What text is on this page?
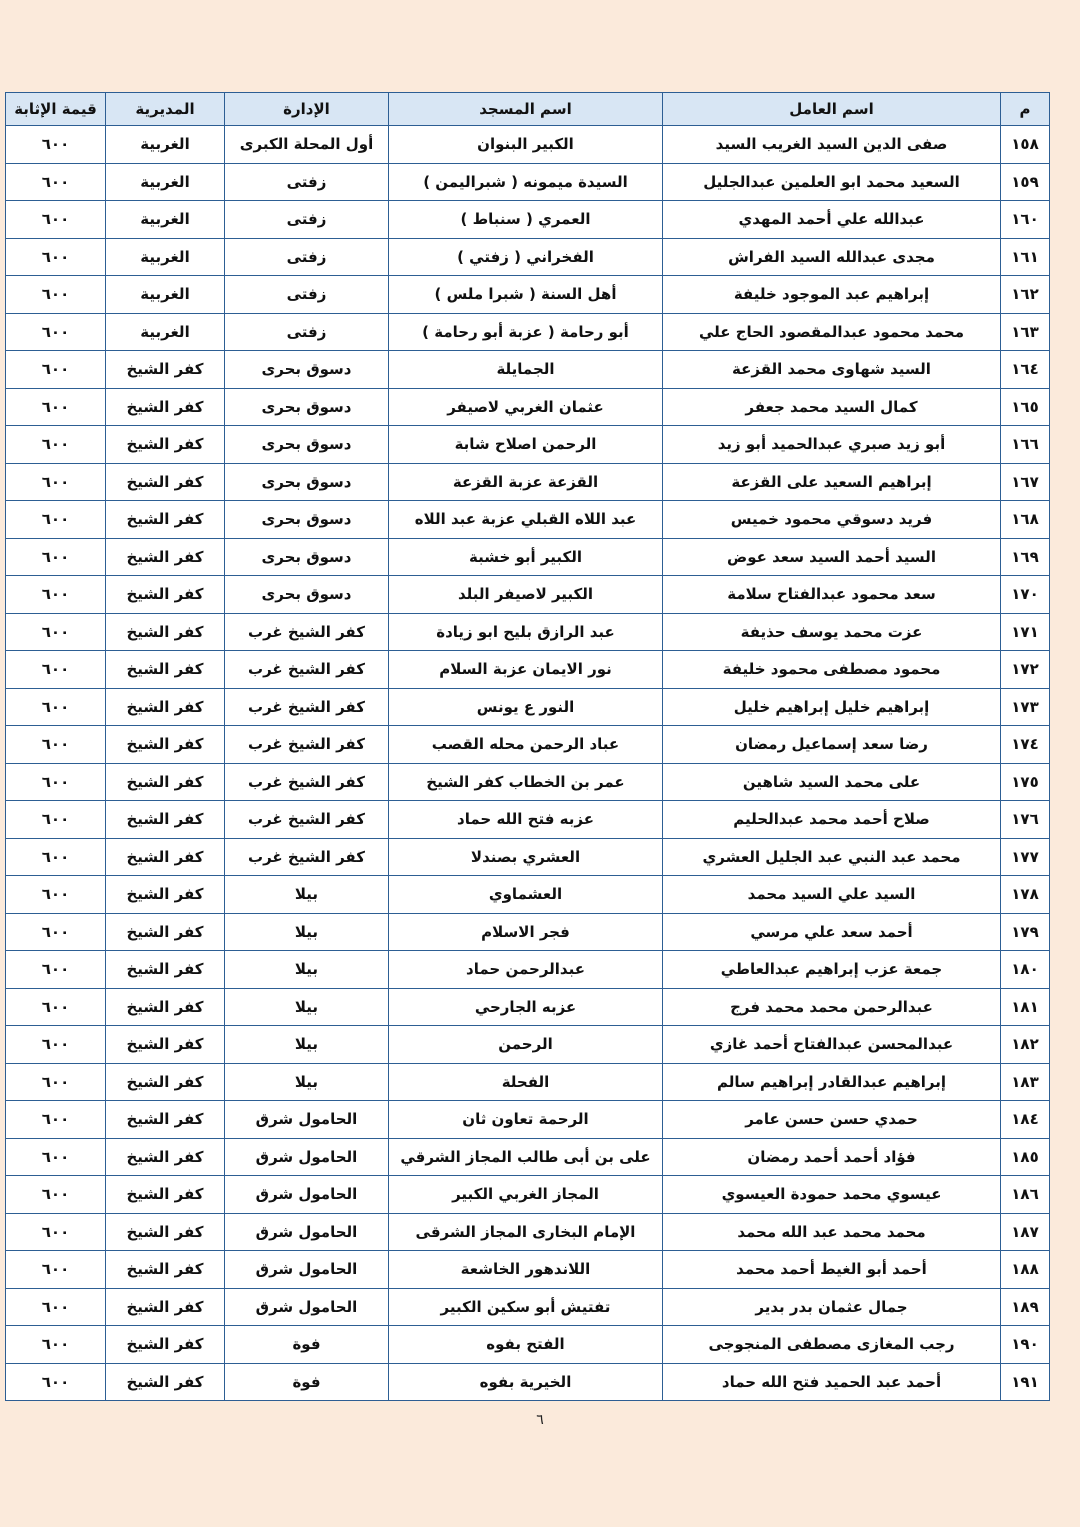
م	اسم العامل	اسم المسجد	الإدارة	المديرية	قيمة الإثابة
١٥٨	صفى الدين السيد الغريب السيد	الكبير البنوان	أول المحلة الكبرى	الغربية	٦٠٠
١٥٩	السعيد محمد ابو العلمين عبدالجليل	السيدة ميمونه ( شبراليمن )	زفتى	الغربية	٦٠٠
١٦٠	عبدالله علي أحمد المهدي	العمري ( سنباط )	زفتى	الغربية	٦٠٠
١٦١	مجدى عبدالله السيد الفراش	الفخراني ( زفتي )	زفتى	الغربية	٦٠٠
١٦٢	إبراهيم عبد الموجود خليفة	أهل السنة ( شبرا ملس )	زفتى	الغربية	٦٠٠
١٦٣	محمد محمود عبدالمقصود الحاج علي	أبو رحامة ( عزبة أبو رحامة )	زفتى	الغربية	٦٠٠
١٦٤	السيد شهاوى محمد القزعة	الجمايلة	دسوق بحرى	كفر الشيخ	٦٠٠
١٦٥	كمال السيد محمد جعفر	عثمان الغربي لاصيفر	دسوق بحرى	كفر الشيخ	٦٠٠
١٦٦	أبو زيد صبري عبدالحميد أبو زيد	الرحمن اصلاح شابة	دسوق بحرى	كفر الشيخ	٦٠٠
١٦٧	إبراهيم السعيد على القزعة	القزعة عزبة القزعة	دسوق بحرى	كفر الشيخ	٦٠٠
١٦٨	فريد دسوقي محمود خميس	عبد اللاه القبلي عزبة عبد اللاه	دسوق بحرى	كفر الشيخ	٦٠٠
١٦٩	السيد أحمد السيد سعد عوض	الكبير أبو خشبة	دسوق بحرى	كفر الشيخ	٦٠٠
١٧٠	سعد محمود عبدالفتاح سلامة	الكبير لاصيفر البلد	دسوق بحرى	كفر الشيخ	٦٠٠
١٧١	عزت محمد يوسف حذيفة	عبد الرازق بليح ابو زيادة	كفر الشيخ غرب	كفر الشيخ	٦٠٠
١٧٢	محمود مصطفى محمود خليفة	نور الايمان عزبة السلام	كفر الشيخ غرب	كفر الشيخ	٦٠٠
١٧٣	إبراهيم خليل إبراهيم خليل	النور ع يونس	كفر الشيخ غرب	كفر الشيخ	٦٠٠
١٧٤	رضا سعد إسماعيل رمضان	عباد الرحمن محله القصب	كفر الشيخ غرب	كفر الشيخ	٦٠٠
١٧٥	على محمد السيد شاهين	عمر بن الخطاب كفر الشيخ	كفر الشيخ غرب	كفر الشيخ	٦٠٠
١٧٦	صلاح أحمد محمد عبدالحليم	عزبه فتح الله حماد	كفر الشيخ غرب	كفر الشيخ	٦٠٠
١٧٧	محمد عبد النبي عبد الجليل العشري	العشري بصندلا	كفر الشيخ غرب	كفر الشيخ	٦٠٠
١٧٨	السيد علي السيد محمد	العشماوي	بيلا	كفر الشيخ	٦٠٠
١٧٩	أحمد سعد علي مرسي	فجر الاسلام	بيلا	كفر الشيخ	٦٠٠
١٨٠	جمعة عزب إبراهيم عبدالعاطي	عبدالرحمن حماد	بيلا	كفر الشيخ	٦٠٠
١٨١	عبدالرحمن محمد محمد فرج	عزبه الجارحي	بيلا	كفر الشيخ	٦٠٠
١٨٢	عبدالمحسن عبدالفتاح أحمد غازي	الرحمن	بيلا	كفر الشيخ	٦٠٠
١٨٣	إبراهيم عبدالقادر إبراهيم سالم	الفحلة	بيلا	كفر الشيخ	٦٠٠
١٨٤	حمدي حسن حسن عامر	الرحمة تعاون ثان	الحامول شرق	كفر الشيخ	٦٠٠
١٨٥	فؤاد أحمد أحمد رمضان	على بن أبى طالب المجاز الشرقي	الحامول شرق	كفر الشيخ	٦٠٠
١٨٦	عيسوي محمد حمودة العيسوي	المجاز الغربي الكبير	الحامول شرق	كفر الشيخ	٦٠٠
١٨٧	محمد محمد عبد الله محمد	الإمام البخارى المجاز الشرقى	الحامول شرق	كفر الشيخ	٦٠٠
١٨٨	أحمد أبو الغيط أحمد محمد	اللاندهور الخاشعة	الحامول شرق	كفر الشيخ	٦٠٠
١٨٩	جمال عثمان بدر بدير	تفتيش أبو سكين الكبير	الحامول شرق	كفر الشيخ	٦٠٠
١٩٠	رجب المغازى مصطفى المنجوجى	الفتح بفوه	فوة	كفر الشيخ	٦٠٠
١٩١	أحمد عبد الحميد فتح الله حماد	الخيرية بفوه	فوة	كفر الشيخ	٦٠٠
٦
